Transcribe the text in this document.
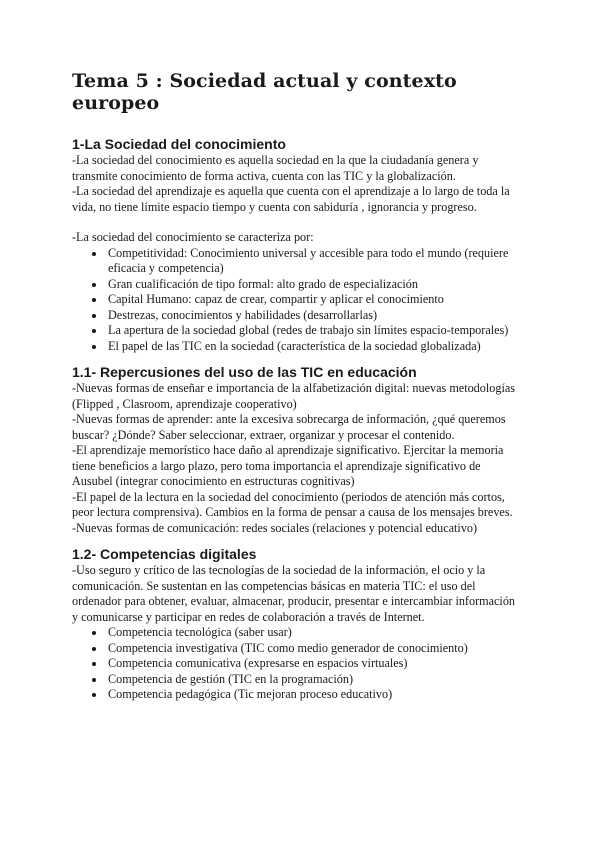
Tema 5 : Sociedad actual y contexto europeo
1-La Sociedad del conocimiento

-La sociedad del conocimiento es aquella sociedad en la que la ciudadanía genera y transmite conocimiento de forma activa, cuenta con las TIC y la globalización.

-La sociedad del aprendizaje es aquella que cuenta con el aprendizaje a lo largo de toda la vida, no tiene límite espacio tiempo y cuenta con sabiduría , ignorancia y progreso.

-La sociedad del conocimiento se caracteriza por:

• Competitividad: Conocimiento universal y accesible para todo el mundo (requiere eficacia y competencia)
• Gran cualificación de tipo formal: alto grado de especialización
• Capital Humano: capaz de crear, compartir y aplicar el conocimiento
• Destrezas, conocimientos y habilidades (desarrollarlas)
• La apertura de la sociedad global (redes de trabajo sin límites espacio-temporales)
• El papel de las TIC en la sociedad (característica de la sociedad globalizada)
1.1- Repercusiones del uso de las TIC en educación

-Nuevas formas de enseñar e importancia de la alfabetización digital: nuevas metodologías (Flipped , Clasroom, aprendizaje cooperativo)

-Nuevas formas de aprender: ante la excesiva sobrecarga de información, ¿qué queremos buscar? ¿Dónde? Saber seleccionar, extraer, organizar y procesar el contenido.

-El aprendizaje memorístico hace daño al aprendizaje significativo. Ejercitar la memoria tiene beneficios a largo plazo, pero toma importancia el aprendizaje significativo de Ausubel (integrar conocimiento en estructuras cognitivas)

-El papel de la lectura en la sociedad del conocimiento (periodos de atención más cortos, peor lectura comprensiva). Cambios en la forma de pensar a causa de los mensajes breves.

-Nuevas formas de comunicación: redes sociales (relaciones y potencial educativo)

1.2- Competencias digitales

-Uso seguro y crítico de las tecnologías de la sociedad de la información, el ocio y la comunicación. Se sustentan en las competencias básicas en materia TIC: el uso del ordenador para obtener, evaluar, almacenar, producir, presentar e intercambiar información y comunicarse y participar en redes de colaboración a través de Internet.

• Competencia tecnológica (saber usar)
• Competencia investigativa (TIC como medio generador de conocimiento)
• Competencia comunicativa (expresarse en espacios virtuales)
• Competencia de gestión (TIC en la programación)
• Competencia pedagógica (Tic mejoran proceso educativo)
